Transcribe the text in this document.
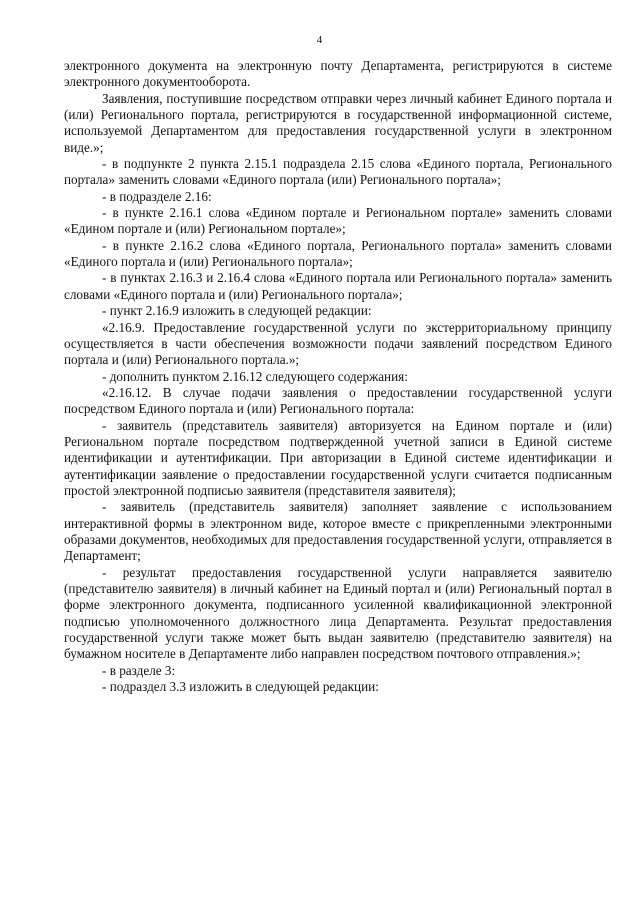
4

электронного документа на электронную почту Департамента, регистрируются в системе электронного документооборота.

Заявления, поступившие посредством отправки через личный кабинет Единого портала и (или) Регионального портала, регистрируются в государственной информационной системе, используемой Департаментом для предоставления государственной услуги в электронном виде.»;

- в подпункте 2 пункта 2.15.1 подраздела 2.15 слова «Единого портала, Регионального портала» заменить словами «Единого портала (или) Регионального портала»;

- в подразделе 2.16:

- в пункте 2.16.1 слова «Едином портале и Региональном портале» заменить словами «Едином портале и (или) Региональном портале»;

- в пункте 2.16.2 слова «Единого портала, Регионального портала» заменить словами «Единого портала и (или) Регионального портала»;

- в пунктах 2.16.3 и 2.16.4 слова «Единого портала или Регионального портала» заменить словами «Единого портала и (или) Регионального портала»;

- пункт 2.16.9 изложить в следующей редакции:

«2.16.9. Предоставление государственной услуги по экстерриториальному принципу осуществляется в части обеспечения возможности подачи заявлений посредством Единого портала и (или) Регионального портала.»;

- дополнить пунктом 2.16.12 следующего содержания:

«2.16.12. В случае подачи заявления о предоставлении государственной услуги посредством Единого портала и (или) Регионального портала:

- заявитель (представитель заявителя) авторизуется на Едином портале и (или) Региональном портале посредством подтвержденной учетной записи в Единой системе идентификации и аутентификации. При авторизации в Единой системе идентификации и аутентификации заявление о предоставлении государственной услуги считается подписанным простой электронной подписью заявителя (представителя заявителя);

- заявитель (представитель заявителя) заполняет заявление с использованием интерактивной формы в электронном виде, которое вместе с прикрепленными электронными образами документов, необходимых для предоставления государственной услуги, отправляется в Департамент;

- результат предоставления государственной услуги направляется заявителю (представителю заявителя) в личный кабинет на Единый портал и (или) Региональный портал в форме электронного документа, подписанного усиленной квалификационной электронной подписью уполномоченного должностного лица Департамента. Результат предоставления государственной услуги также может быть выдан заявителю (представителю заявителя) на бумажном носителе в Департаменте либо направлен посредством почтового отправления.»;

- в разделе 3:

- подраздел 3.3 изложить в следующей редакции:
